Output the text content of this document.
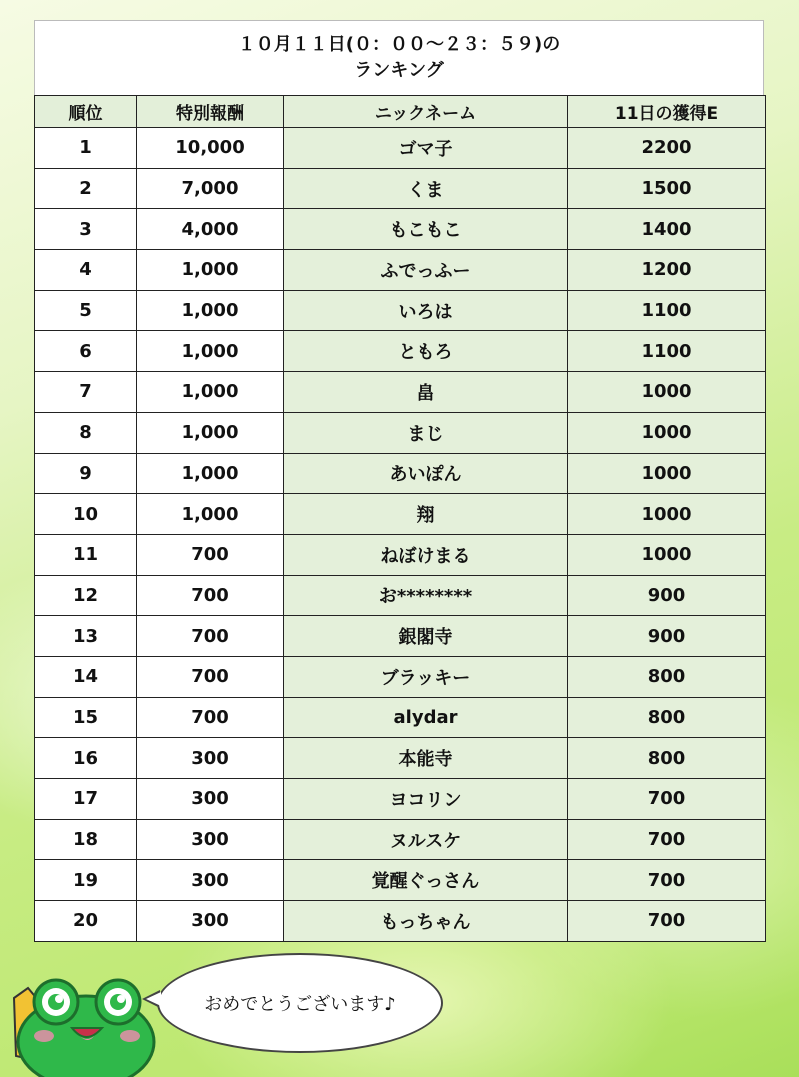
１０月１１日(０：００～２３：５９)の
ランキング
順位	特別報酬	ニックネーム	11日の獲得E
1	10,000	ゴマ子	2200
2	7,000	くま	1500
3	4,000	もこもこ	1400
4	1,000	ふでっふー	1200
5	1,000	いろは	1100
6	1,000	ともろ	1100
7	1,000	畠	1000
8	1,000	まじ	1000
9	1,000	あいぽん	1000
10	1,000	翔	1000
11	700	ねぼけまる	1000
12	700	お********	900
13	700	銀閣寺	900
14	700	ブラッキー	800
15	700	alydar	800
16	300	本能寺	800
17	300	ヨコリン	700
18	300	ヌルスケ	700
19	300	覚醒ぐっさん	700
20	300	もっちゃん	700
おめでとうございます♪
